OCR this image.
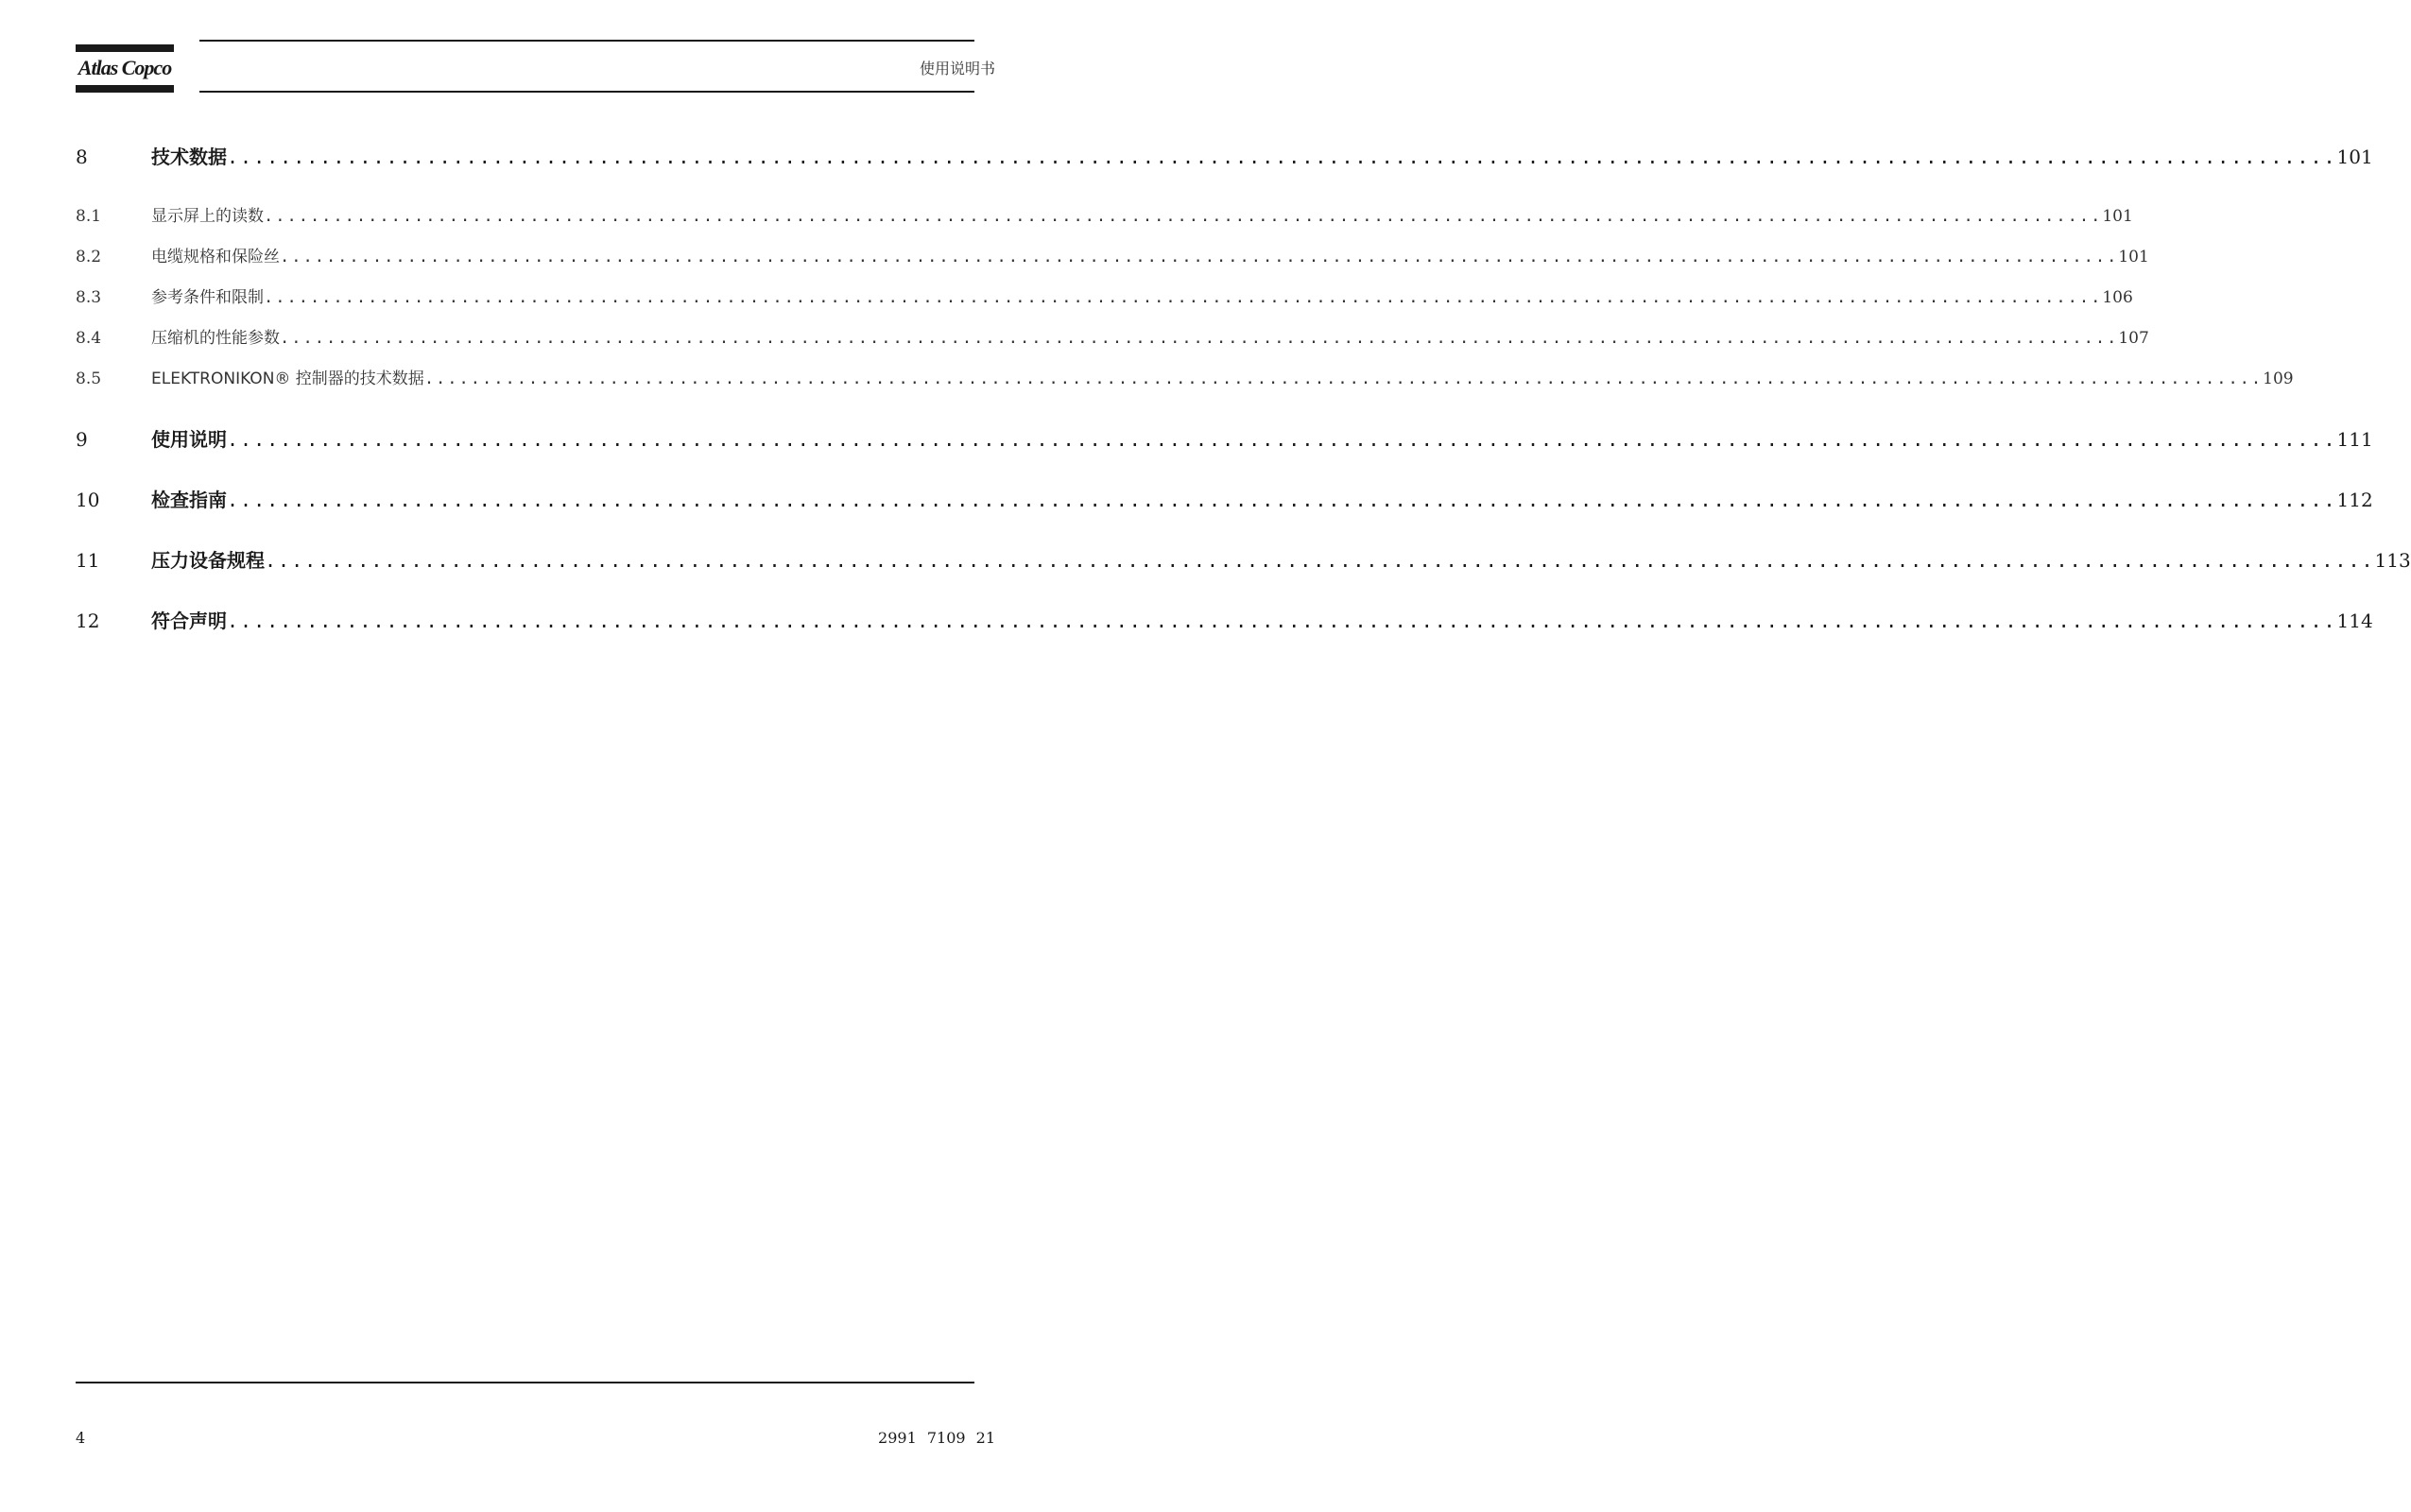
Atlas Copco	使用说明书
8	技术数据 ............................................................................................................................................................... 101
8.1	显示屏上的读数 ............................................................................................................................................................... 101
8.2	电缆规格和保险丝 ............................................................................................................................................................... 101
8.3	参考条件和限制 ............................................................................................................................................................... 106
8.4	压缩机的性能参数 ............................................................................................................................................................... 107
8.5	ELEKTRONIKON® 控制器的技术数据 ............................................................................................................................................................... 109
9	使用说明 ............................................................................................................................................................... 111
10	检查指南 ............................................................................................................................................................... 112
11	压力设备规程 ............................................................................................................................................................... 113
12	符合声明 ............................................................................................................................................................... 114
4	2991 7109 21
